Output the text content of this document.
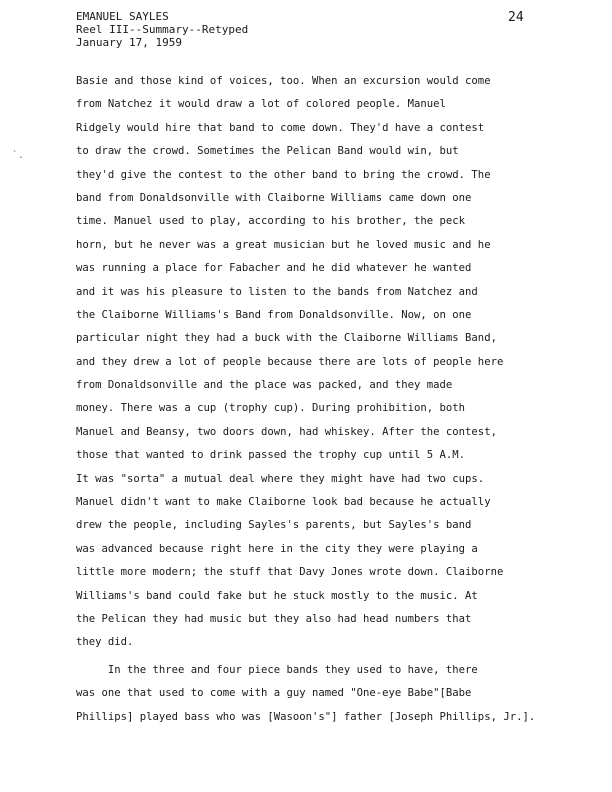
EMANUEL SAYLES
Reel III--Summary--Retyped
January 17, 1959
24
`.
Basie and those kind of voices, too. When an excursion would come
from Natchez it would draw a lot of colored people. Manuel
Ridgely would hire that band to come down. They'd have a contest
to draw the crowd. Sometimes the Pelican Band would win, but
they'd give the contest to the other band to bring the crowd. The
band from Donaldsonville with Claiborne Williams came down one
time. Manuel used to play, according to his brother, the peck
horn, but he never was a great musician but he loved music and he
was running a place for Fabacher and he did whatever he wanted
and it was his pleasure to listen to the bands from Natchez and
the Claiborne Williams's Band from Donaldsonville. Now, on one
particular night they had a buck with the Claiborne Williams Band,
and they drew a lot of people because there are lots of people here
from Donaldsonville and the place was packed, and they made
money. There was a cup (trophy cup). During prohibition, both
Manuel and Beansy, two doors down, had whiskey. After the contest,
those that wanted to drink passed the trophy cup until 5 A.M.
It was "sorta" a mutual deal where they might have had two cups.
Manuel didn't want to make Claiborne look bad because he actually
drew the people, including Sayles's parents, but Sayles's band
was advanced because right here in the city they were playing a
little more modern; the stuff that Davy Jones wrote down. Claiborne
Williams's band could fake but he stuck mostly to the music. At
the Pelican they had music but they also had head numbers that
they did.
In the three and four piece bands they used to have, there
was one that used to come with a guy named "One-eye Babe"[Babe
Phillips] played bass who was [Wasoon's"] father [Joseph Phillips, Jr.].
